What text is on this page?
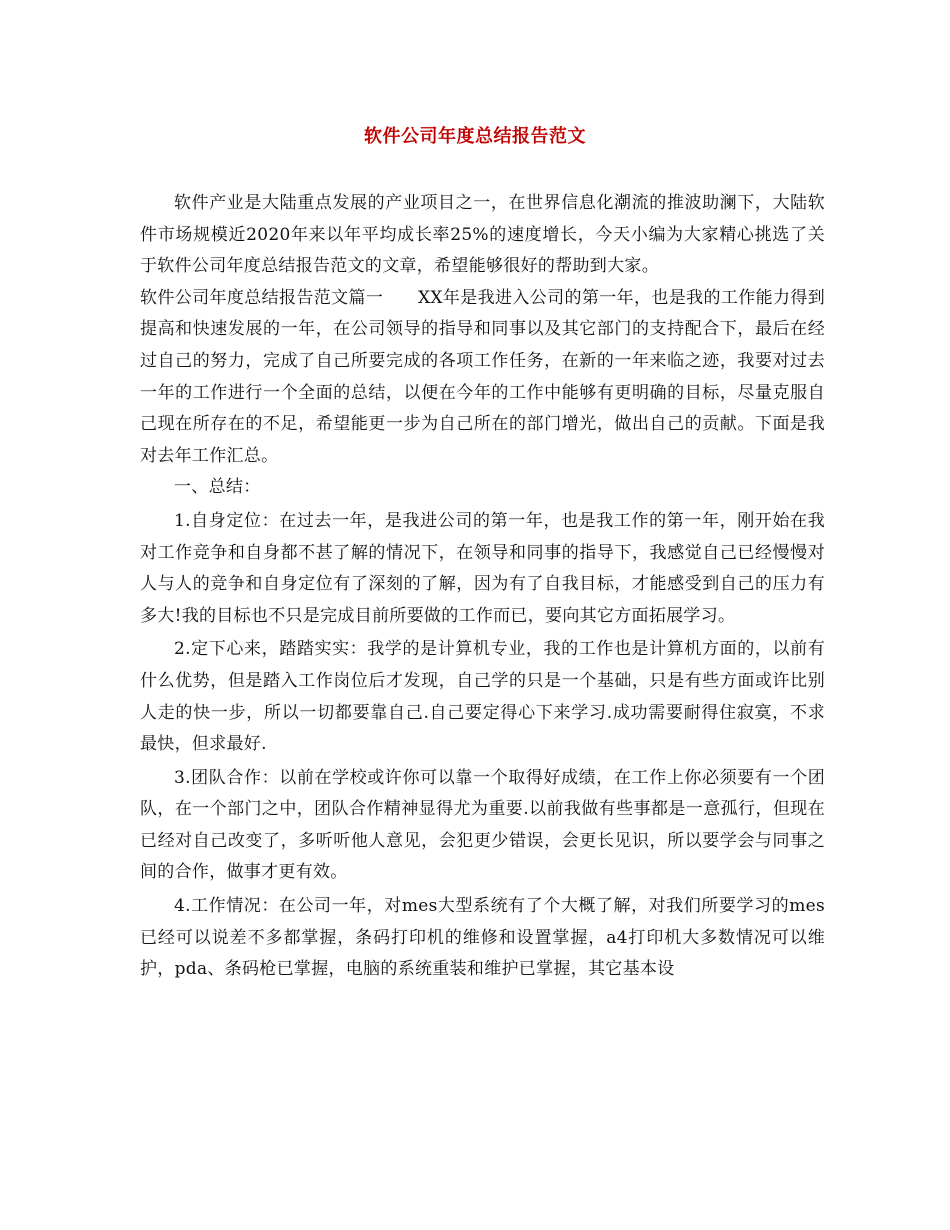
软件公司年度总结报告范文

软件产业是大陆重点发展的产业项目之一，在世界信息化潮流的推波助澜下，大陆软件市场规模近2020年来以年平均成长率25%的速度增长，今天小编为大家精心挑选了关于软件公司年度总结报告范文的文章，希望能够很好的帮助到大家。

软件公司年度总结报告范文篇一　　XX年是我进入公司的第一年，也是我的工作能力得到提高和快速发展的一年，在公司领导的指导和同事以及其它部门的支持配合下，最后在经过自己的努力，完成了自己所要完成的各项工作任务，在新的一年来临之迹，我要对过去一年的工作进行一个全面的总结，以便在今年的工作中能够有更明确的目标，尽量克服自己现在所存在的不足，希望能更一步为自己所在的部门增光，做出自己的贡献。下面是我对去年工作汇总。

一、总结：

1.自身定位：在过去一年，是我进公司的第一年，也是我工作的第一年，刚开始在我对工作竞争和自身都不甚了解的情况下，在领导和同事的指导下，我感觉自己已经慢慢对人与人的竞争和自身定位有了深刻的了解，因为有了自我目标，才能感受到自己的压力有多大!我的目标也不只是完成目前所要做的工作而已，要向其它方面拓展学习。

2.定下心来，踏踏实实：我学的是计算机专业，我的工作也是计算机方面的，以前有什么优势，但是踏入工作岗位后才发现，自己学的只是一个基础，只是有些方面或许比别人走的快一步，所以一切都要靠自己.自己要定得心下来学习.成功需要耐得住寂寞，不求最快，但求最好.

3.团队合作：以前在学校或许你可以靠一个取得好成绩，在工作上你必须要有一个团队，在一个部门之中，团队合作精神显得尤为重要.以前我做有些事都是一意孤行，但现在已经对自己改变了，多听听他人意见，会犯更少错误，会更长见识，所以要学会与同事之间的合作，做事才更有效。

4.工作情况：在公司一年，对mes大型系统有了个大概了解，对我们所要学习的mes已经可以说差不多都掌握，条码打印机的维修和设置掌握，a4打印机大多数情况可以维护，pda、条码枪已掌握，电脑的系统重装和维护已掌握，其它基本设
